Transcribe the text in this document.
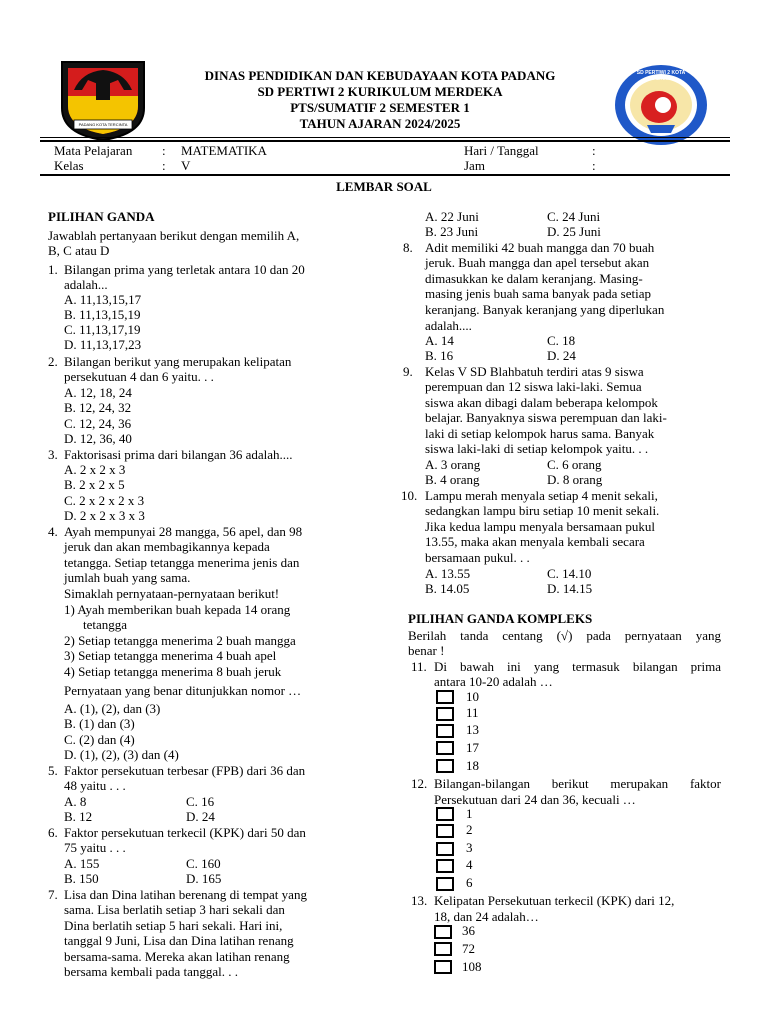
PADANG KOTA TERCINTA
SD PERTIWI 2 KOTA PADANG
DINAS PENDIDIKAN DAN KEBUDAYAAN KOTA PADANG
SD PERTIWI 2 KURIKULUM MERDEKA
PTS/SUMATIF 2 SEMESTER 1
TAHUN AJARAN 2024/2025
Mata Pelajaran : MATEMATIKA	Hari / Tanggal	:
Kelas	: V	Jam	:
LEMBAR SOAL
PILIHAN GANDA
Jawablah pertanyaan berikut dengan memilih A,
B, C atau D
1. Bilangan prima yang terletak antara 10 dan 20
adalah...
A. 11,13,15,17
B. 11,13,15,19
C. 11,13,17,19
D. 11,13,17,23
2. Bilangan berikut yang merupakan kelipatan
persekutuan 4 dan 6 yaitu. . .
A. 12, 18, 24
B. 12, 24, 32
C. 12, 24, 36
D. 12, 36, 40
3. Faktorisasi prima dari bilangan 36 adalah....
A. 2 x 2 x 3
B. 2 x 2 x 5
C. 2 x 2 x 2 x 3
D. 2 x 2 x 3 x 3
4. Ayah mempunyai 28 mangga, 56 apel, dan 98
jeruk dan akan membagikannya kepada
tetangga. Setiap tetangga menerima jenis dan
jumlah buah yang sama.
Simaklah pernyataan-pernyataan berikut!
1) Ayah memberikan buah kepada 14 orang
tetangga
2) Setiap tetangga menerima 2 buah mangga
3) Setiap tetangga menerima 4 buah apel
4) Setiap tetangga menerima 8 buah jeruk
Pernyataan yang benar ditunjukkan nomor …
A. (1), (2), dan (3)
B. (1) dan (3)
C. (2) dan (4)
D. (1), (2), (3) dan (4)
5. Faktor persekutuan terbesar (FPB) dari 36 dan
48 yaitu . . .
A. 8	C. 16
B. 12	D. 24
6. Faktor persekutuan terkecil (KPK) dari 50 dan
75 yaitu . . .
A. 155	C. 160
B. 150	D. 165
7. Lisa dan Dina latihan berenang di tempat yang
sama. Lisa berlatih setiap 3 hari sekali dan
Dina berlatih setiap 5 hari sekali. Hari ini,
tanggal 9 Juni, Lisa dan Dina latihan renang
bersama-sama. Mereka akan latihan renang
bersama kembali pada tanggal. . .
A. 22 Juni	C. 24 Juni
B. 23 Juni	D. 25 Juni
8. Adit memiliki 42 buah mangga dan 70 buah
jeruk. Buah mangga dan apel tersebut akan
dimasukkan ke dalam keranjang. Masing-
masing jenis buah sama banyak pada setiap
keranjang. Banyak keranjang yang diperlukan
adalah....
A. 14	C. 18
B. 16	D. 24
9. Kelas V SD Blahbatuh terdiri atas 9 siswa
perempuan dan 12 siswa laki-laki. Semua
siswa akan dibagi dalam beberapa kelompok
belajar. Banyaknya siswa perempuan dan laki-
laki di setiap kelompok harus sama. Banyak
siswa laki-laki di setiap kelompok yaitu. . .
A. 3 orang	C. 6 orang
B. 4 orang	D. 8 orang
10. Lampu merah menyala setiap 4 menit sekali,
sedangkan lampu biru setiap 10 menit sekali.
Jika kedua lampu menyala bersamaan pukul
13.55, maka akan menyala kembali secara
bersamaan pukul. . .
A. 13.55	C. 14.10
B. 14.05	D. 14.15
PILIHAN GANDA KOMPLEKS
Berilah tanda centang (√) pada pernyataan yang
benar !
11. Di bawah ini yang termasuk bilangan prima
antara 10-20 adalah …
10
11
13
17
18
12. Bilangan-bilangan berikut merupakan faktor
Persekutuan dari 24 dan 36, kecuali …
1
2
3
4
6
13. Kelipatan Persekutuan terkecil (KPK) dari 12,
18, dan 24 adalah…
36
72
108
